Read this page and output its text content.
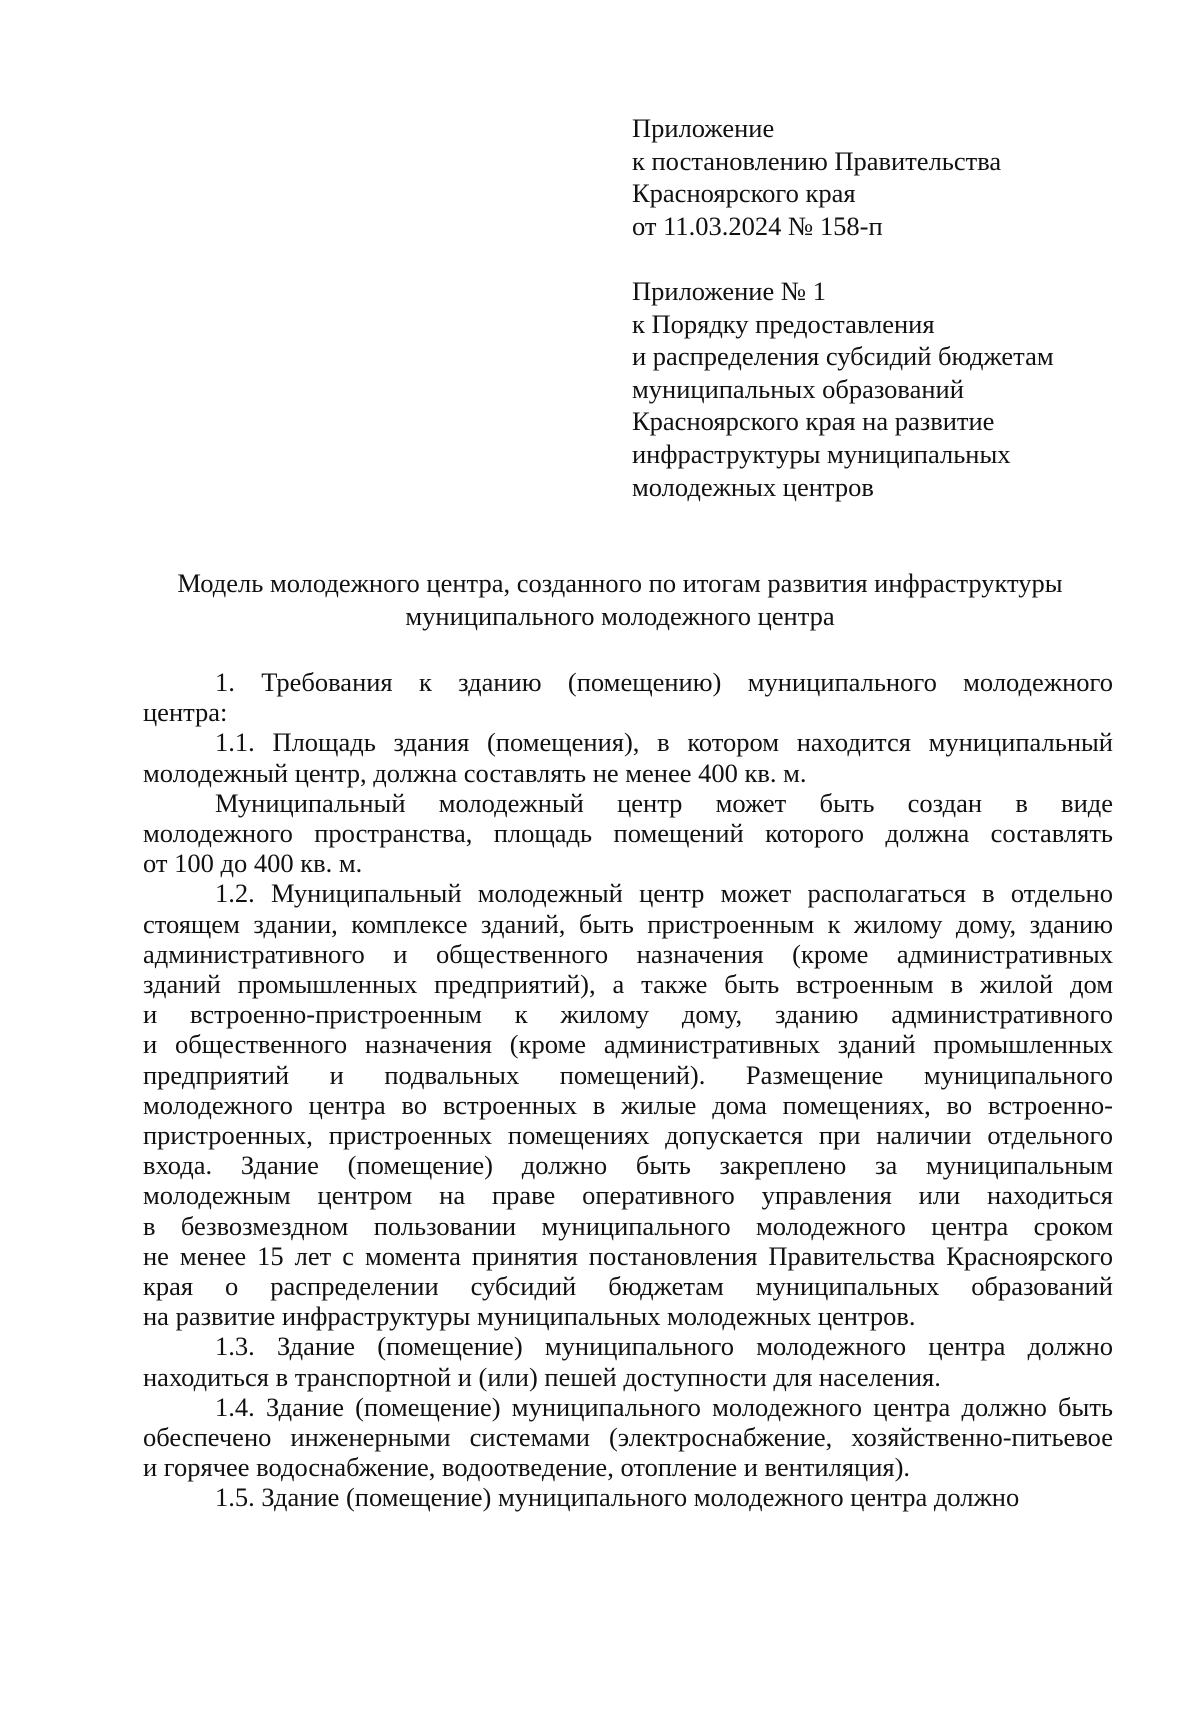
Приложение
к постановлению Правительства
Красноярского края
от 11.03.2024 № 158-п
Приложение № 1
к Порядку предоставления
и распределения субсидий бюджетам
муниципальных образований
Красноярского края на развитие
инфраструктуры муниципальных
молодежных центров
Модель молодежного центра, созданного по итогам развития инфраструктуры
муниципального молодежного центра
1. Требования к зданию (помещению) муниципального молодежного
центра:
1.1. Площадь здания (помещения), в котором находится муниципальный
молодежный центр, должна составлять не менее 400 кв. м.
Муниципальный молодежный центр может быть создан в виде
молодежного пространства, площадь помещений которого должна составлять
от 100 до 400 кв. м.
1.2. Муниципальный молодежный центр может располагаться в отдельно
стоящем здании, комплексе зданий, быть пристроенным к жилому дому, зданию
административного и общественного назначения (кроме административных
зданий промышленных предприятий), а также быть встроенным в жилой дом
и встроенно-пристроенным к жилому дому, зданию административного
и общественного назначения (кроме административных зданий промышленных
предприятий и подвальных помещений). Размещение муниципального
молодежного центра во встроенных в жилые дома помещениях, во встроенно-
пристроенных, пристроенных помещениях допускается при наличии отдельного
входа. Здание (помещение) должно быть закреплено за муниципальным
молодежным центром на праве оперативного управления или находиться
в безвозмездном пользовании муниципального молодежного центра сроком
не менее 15 лет с момента принятия постановления Правительства Красноярского
края о распределении субсидий бюджетам муниципальных образований
на развитие инфраструктуры муниципальных молодежных центров.
1.3. Здание (помещение) муниципального молодежного центра должно
находиться в транспортной и (или) пешей доступности для населения.
1.4. Здание (помещение) муниципального молодежного центра должно быть
обеспечено инженерными системами (электроснабжение, хозяйственно-питьевое
и горячее водоснабжение, водоотведение, отопление и вентиляция).
1.5. Здание (помещение) муниципального молодежного центра должно
